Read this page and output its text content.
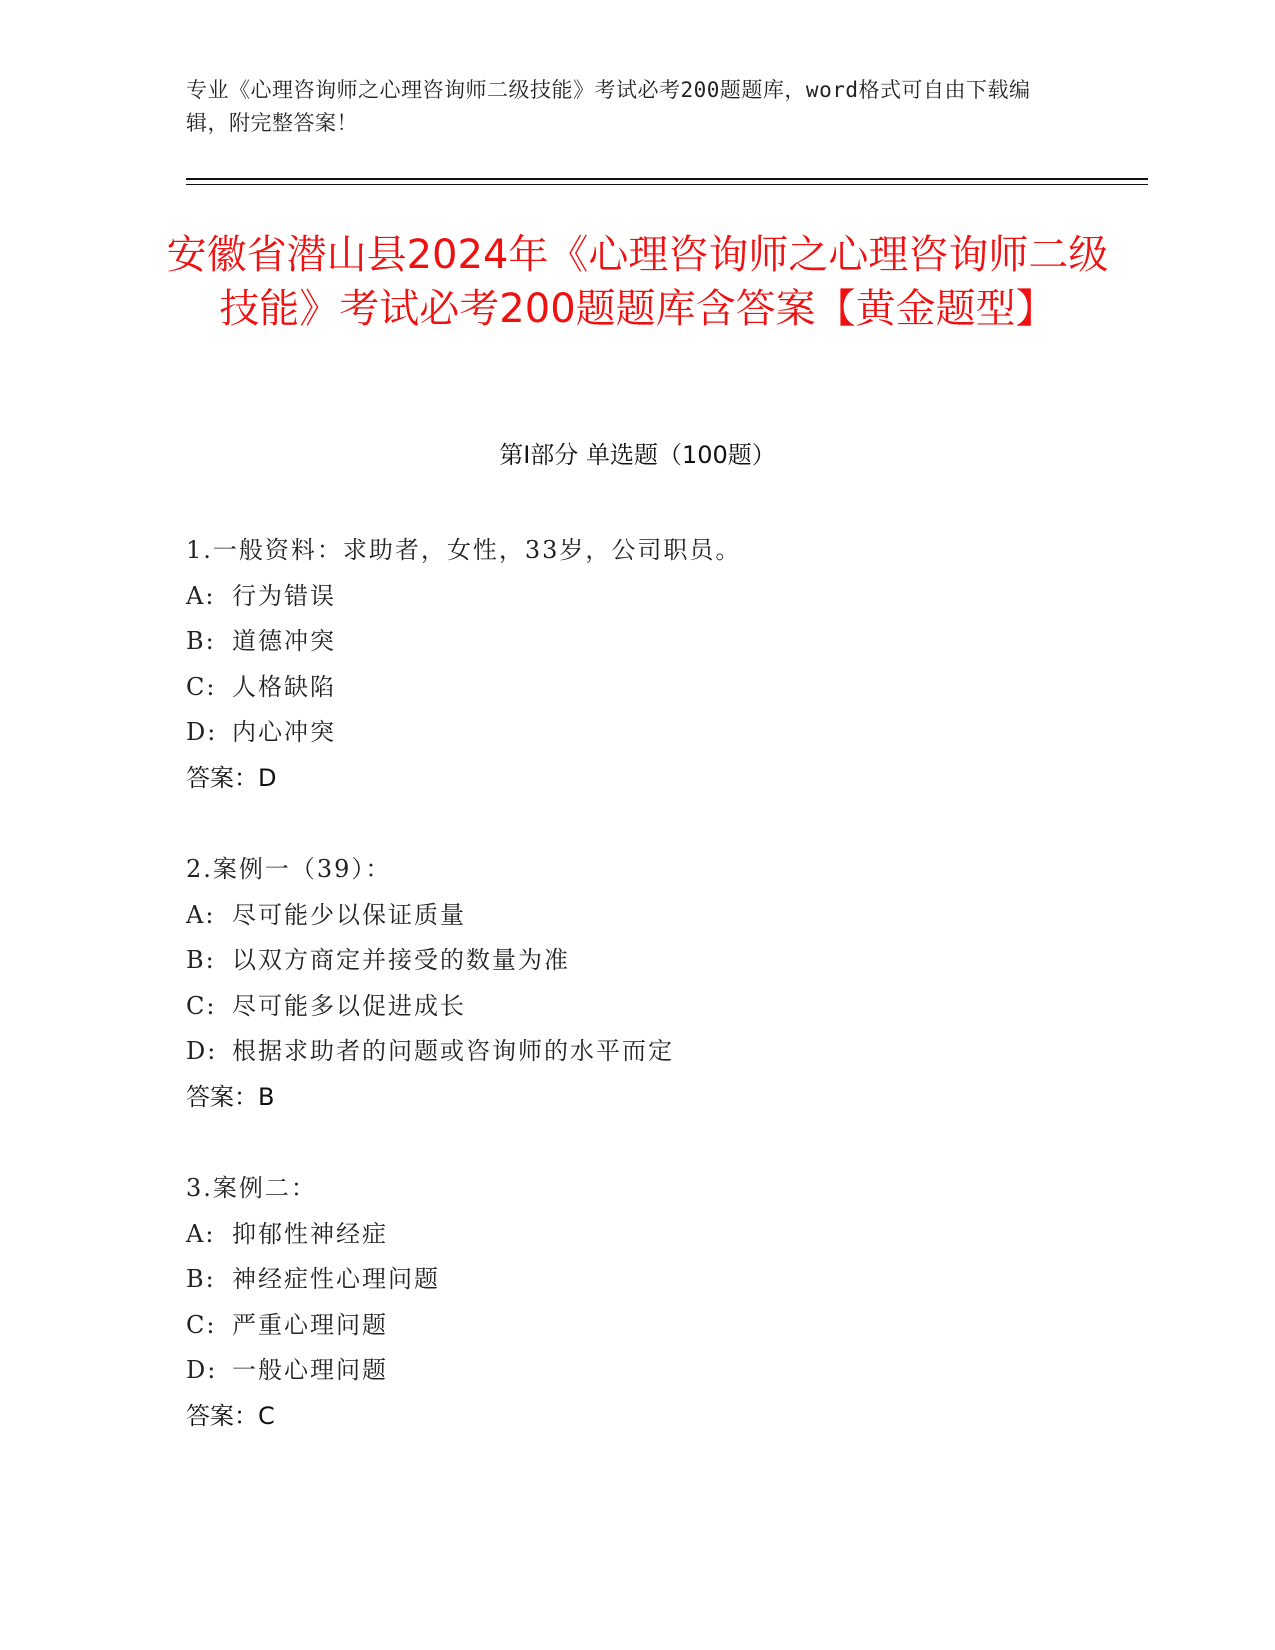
专业《心理咨询师之心理咨询师二级技能》考试必考200题题库，word格式可自由下载编辑，附完整答案！
安徽省潜山县2024年《心理咨询师之心理咨询师二级技能》考试必考200题题库含答案【黄金题型】
第Ⅰ部分 单选题（100题）
1.一般资料：求助者，女性，33岁，公司职员。
A: 行为错误
B: 道德冲突
C: 人格缺陷
D: 内心冲突
答案：D
2.案例一（39）：
A: 尽可能少以保证质量
B: 以双方商定并接受的数量为准
C: 尽可能多以促进成长
D: 根据求助者的问题或咨询师的水平而定
答案：B
3.案例二：
A: 抑郁性神经症
B: 神经症性心理问题
C: 严重心理问题
D: 一般心理问题
答案：C
